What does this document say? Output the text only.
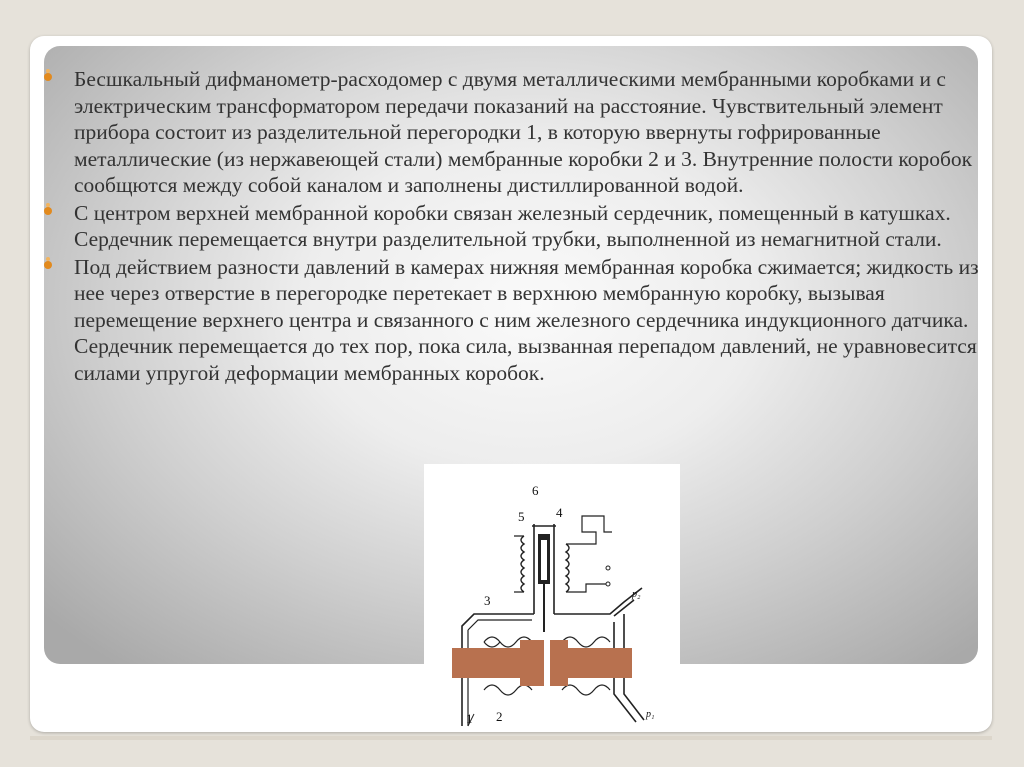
Бесшкальный дифманометр-расходомер с двумя металлическими мембранными коробками и с электрическим трансформатором передачи показаний на расстояние. Чувствительный элемент прибора состоит из разделительной перегородки 1, в которую ввернуты гофрированные металлические (из нержавеющей стали) мембранные коробки 2 и 3. Внутренние полости коробок сообщются между собой каналом и заполнены дистиллированной водой.
С центром верхней мембранной коробки связан железный сердечник, помещенный в катушках. Сердечник перемещается внутри разделительной трубки, выполненной из немагнитной стали.
Под действием разности давлений в камерах нижняя мембранная коробка сжимается; жидкость из нее через отверстие в перегородке перетекает в верхнюю мембранную коробку, вызывая перемещение верхнего центра и связанного с ним железного сердечника индукционного датчика. Сердечник перемещается до тех пор, пока сила, вызванная перепадом давлений, не уравновесится силами упругой деформации мембранных коробок.
6
5 4
3
1 2
p₂
p₁
